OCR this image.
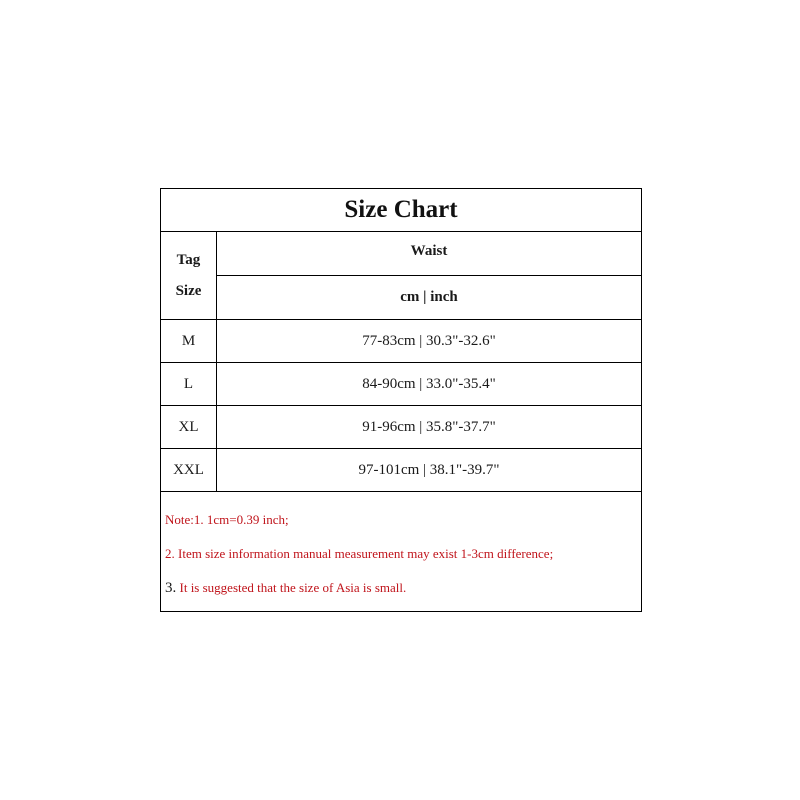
Size Chart
Tag
Size
Waist
cm | inch
M	77-83cm | 30.3"-32.6"
L	84-90cm | 33.0"-35.4"
XL	91-96cm | 35.8"-37.7"
XXL	97-101cm | 38.1"-39.7"
Note:1. 1cm=0.39 inch;
2. Item size information manual measurement may exist 1-3cm difference;
3. It is suggested that the size of Asia is small.
